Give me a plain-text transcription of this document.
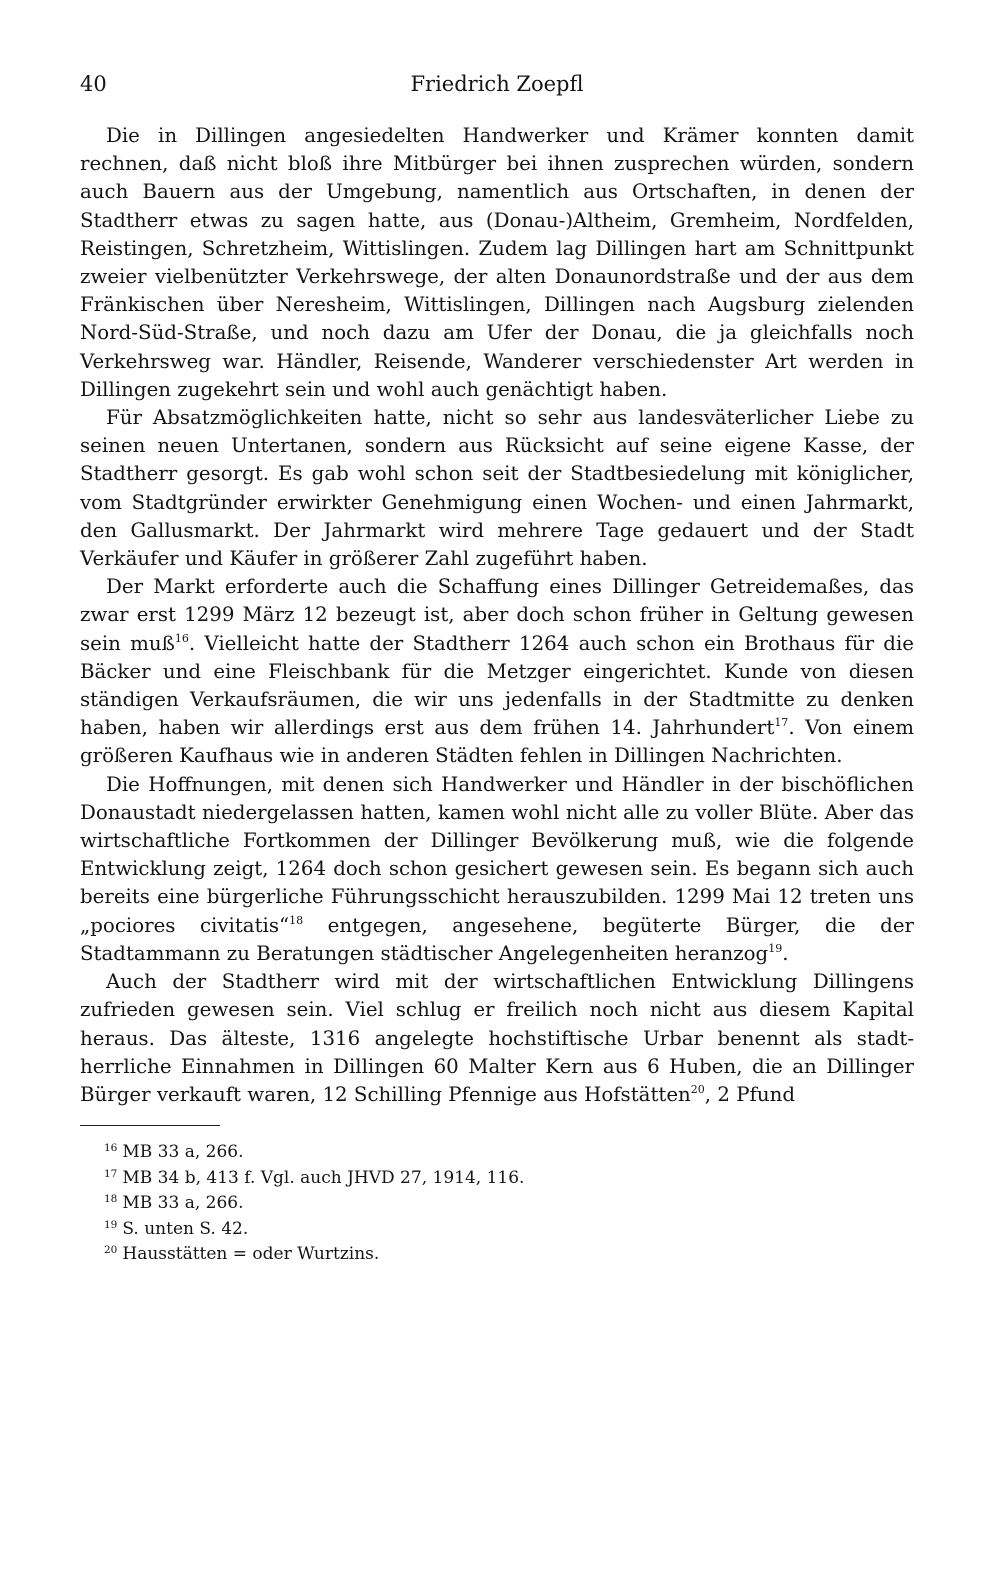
40	Friedrich Zoepfl

Die in Dillingen angesiedelten Handwerker und Krämer konnten damit rechnen, daß nicht bloß ihre Mitbürger bei ihnen zusprechen würden, sondern auch Bauern aus der Umgebung, namentlich aus Ortschaften, in denen der Stadtherr etwas zu sagen hatte, aus (Donau-)Altheim, Gremheim, Nordfelden, Reistingen, Schretzheim, Wittislingen. Zudem lag Dillingen hart am Schnittpunkt zweier vielbenützter Verkehrswege, der alten Donaunordstraße und der aus dem Fränkischen über Neresheim, Wittislingen, Dillingen nach Augsburg zielenden Nord-Süd-Straße, und noch dazu am Ufer der Donau, die ja gleichfalls noch Verkehrsweg war. Händler, Reisende, Wanderer verschiedenster Art werden in Dillingen zugekehrt sein und wohl auch genächtigt haben.

Für Absatzmöglichkeiten hatte, nicht so sehr aus landesväterlicher Liebe zu seinen neuen Untertanen, sondern aus Rücksicht auf seine eigene Kasse, der Stadtherr gesorgt. Es gab wohl schon seit der Stadtbesiedelung mit königlicher, vom Stadtgründer erwirkter Genehmigung einen Wochen- und einen Jahrmarkt, den Gallusmarkt. Der Jahrmarkt wird mehrere Tage gedauert und der Stadt Verkäufer und Käufer in größerer Zahl zugeführt haben.

Der Markt erforderte auch die Schaffung eines Dillinger Getreidemaßes, das zwar erst 1299 März 12 bezeugt ist, aber doch schon früher in Geltung gewesen sein muß$^{16}$. Vielleicht hatte der Stadtherr 1264 auch schon ein Brothaus für die Bäcker und eine Fleischbank für die Metzger eingerichtet. Kunde von diesen ständigen Verkaufsräumen, die wir uns jedenfalls in der Stadtmitte zu denken haben, haben wir allerdings erst aus dem frühen 14. Jahrhundert$^{17}$. Von einem größeren Kaufhaus wie in anderen Städten fehlen in Dillingen Nachrichten.

Die Hoffnungen, mit denen sich Handwerker und Händler in der bischöflichen Donaustadt niedergelassen hatten, kamen wohl nicht alle zu voller Blüte. Aber das wirtschaftliche Fortkommen der Dillinger Bevölkerung muß, wie die folgende Entwicklung zeigt, 1264 doch schon gesichert gewesen sein. Es begann sich auch bereits eine bürgerliche Führungsschicht herauszubilden. 1299 Mai 12 treten uns „pociores civitatis“$^{18}$ entgegen, angesehene, begüterte Bürger, die der Stadtammann zu Beratungen städtischer Angelegenheiten heranzog$^{19}$.

Auch der Stadtherr wird mit der wirtschaftlichen Entwicklung Dillingens zufrieden gewesen sein. Viel schlug er freilich noch nicht aus diesem Kapital heraus. Das älteste, 1316 angelegte hochstiftische Urbar benennt als stadtherrliche Einnahmen in Dillingen 60 Malter Kern aus 6 Huben, die an Dillinger Bürger verkauft waren, 12 Schilling Pfennige aus Hofstätten$^{20}$, 2 Pfund

$^{16}$ MB 33 a, 266.
$^{17}$ MB 34 b, 413 f. Vgl. auch JHVD 27, 1914, 116.
$^{18}$ MB 33 a, 266.
$^{19}$ S. unten S. 42.
$^{20}$ Hausstätten = oder Wurtzins.
